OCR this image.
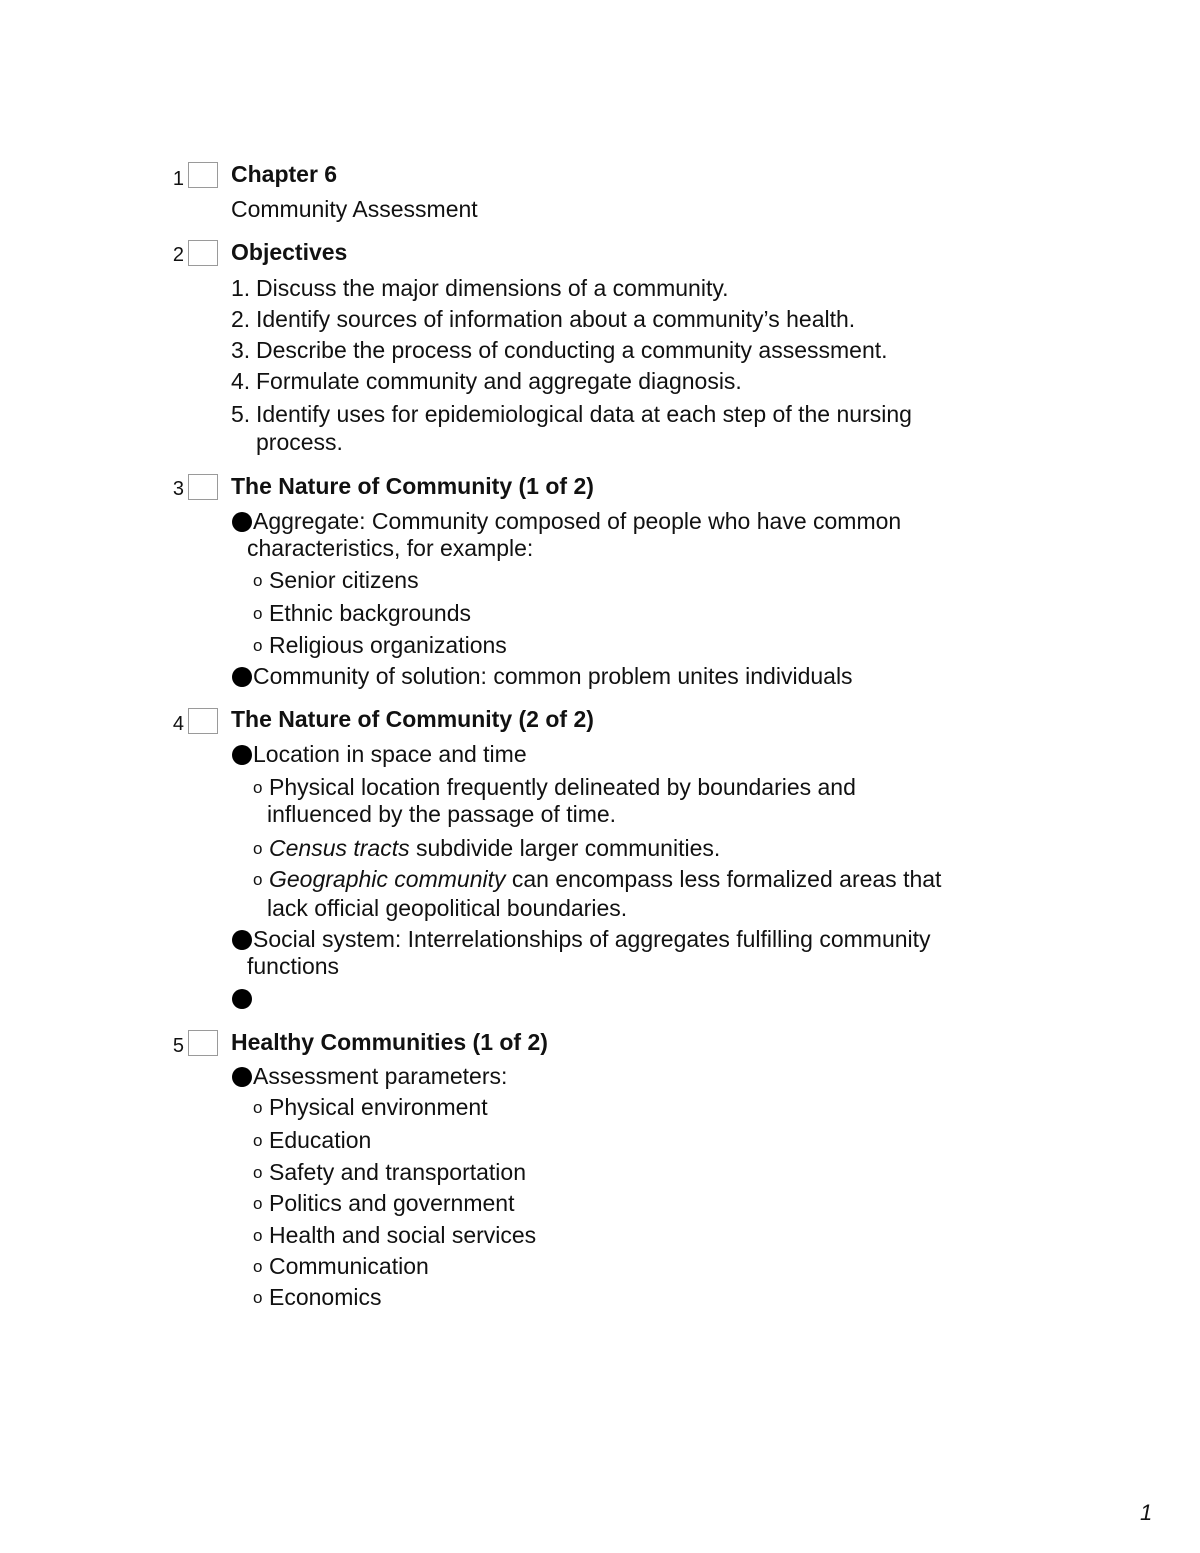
1 Chapter 6
Community Assessment
2 Objectives
1. Discuss the major dimensions of a community.
2. Identify sources of information about a community’s health.
3. Describe the process of conducting a community assessment.
4. Formulate community and aggregate diagnosis.
5. Identify uses for epidemiological data at each step of the nursing
process.
3 The Nature of Community (1 of 2)
Aggregate: Community composed of people who have common
characteristics, for example:
o Senior citizens
o Ethnic backgrounds
o Religious organizations
Community of solution: common problem unites individuals
4 The Nature of Community (2 of 2)
Location in space and time
o Physical location frequently delineated by boundaries and
influenced by the passage of time.
o Census tracts subdivide larger communities.
o Geographic community can encompass less formalized areas that
lack official geopolitical boundaries.
Social system: Interrelationships of aggregates fulfilling community
functions
5 Healthy Communities (1 of 2)
Assessment parameters:
o Physical environment
o Education
o Safety and transportation
o Politics and government
o Health and social services
o Communication
o Economics
1
